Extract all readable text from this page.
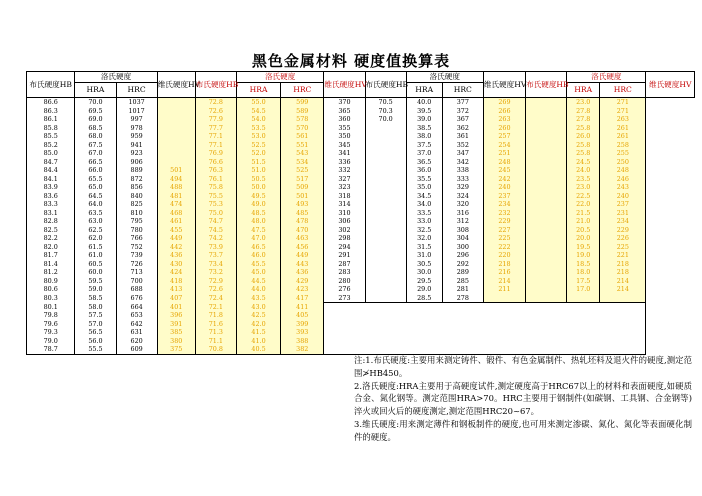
黑色金属材料 硬度值换算表
布氏硬度HB	洛氏硬度		维氏硬度HV	布氏硬度HB	洛氏硬度		维氏硬度HV	布氏硬度HB	洛氏硬度		维氏硬度HV	布氏硬度HB	洛氏硬度		维氏硬度HV
	HRA	HRC			HRA	HRC			HRA	HRC			HRA	HRC	
86.6	70.0	1037		72.8	55.0	599	370	70.5	40.0	377	269		23.0	271	
86.3	69.5	1017		72.6	54.5	589	365	70.3	39.5	372	266		27.8	271	
86.1	69.0	997		77.9	54.0	578	360	70.0	39.0	367	263		27.8	263	
85.8	68.5	978		77.7	53.5	570	355		38.5	362	260		25.8	261	
85.5	68.0	959		77.1	53.0	561	350		38.0	361	257		26.0	261	
85.2	67.5	941		77.1	52.5	551	345		37.5	352	254		25.8	258	
85.0	67.0	923		76.9	52.0	543	341		37.0	347	251		25.8	255	
84.7	66.5	906		76.6	51.5	534	336		36.5	342	248		24.5	250	
84.4	66.0	889	501	76.3	51.0	525	332		36.0	338	245		24.0	248	
84.1	65.5	872	494	76.1	50.5	517	327		35.5	333	242		23.5	246	
83.9	65.0	856	488	75.8	50.0	509	323		35.0	329	240		23.0	243	
83.6	64.5	840	481	75.5	49.5	501	318		34.5	324	237		22.5	240	
83.3	64.0	825	474	75.3	49.0	493	314		34.0	320	234		22.0	237	
83.1	63.5	810	468	75.0	48.5	485	310		33.5	316	232		21.5	231	
82.8	63.0	795	461	74.7	48.0	478	306		33.0	312	229		21.0	234	
82.5	62.5	780	455	74.5	47.5	470	302		32.5	308	227		20.5	229	
82.2	62.0	766	449	74.2	47.0	463	298		32.0	304	225		20.0	226	
82.0	61.5	752	442	73.9	46.5	456	294		31.5	300	222		19.5	225	
81.7	61.0	739	436	73.7	46.0	449	291		31.0	296	220		19.0	221	
81.4	60.5	726	430	73.4	45.5	443	287		30.5	292	218		18.5	218	
81.2	60.0	713	424	73.2	45.0	436	283		30.0	289	216		18.0	218	
80.9	59.5	700	418	72.9	44.5	429	280		29.5	285	214		17.5	214	
80.6	59.0	688	413	72.6	44.0	423	276		29.0	281	211		17.0	214	
80.3	58.5	676	407	72.4	43.5	417	273		28.5	278					
80.1	58.0	664	401	72.1	43.0	411									
79.8	57.5	653	396	71.8	42.5	405									
79.6	57.0	642	391	71.6	42.0	399									
79.3	56.5	631	385	71.3	41.5	393									
79.0	56.0	620	380	71.1	41.0	388									
78.7	55.5	609	375	70.8	40.5	382									

注:1.布氏硬度:主要用来测定铸件、锻件、有色金属制件、热轧坯料及退火件的硬度,测定范围≯HB450。

2.洛氏硬度:HRA主要用于高硬度试件,测定硬度高于HRC67以上的材料和表面硬度,如硬质合金、氮化钢等。测定范围HRA>70。HRC主要用于钢制件(如碳钢、工具钢、合金钢等)淬火或回火后的硬度测定,测定范围HRC20~67。

3.维氏硬度:用来测定薄件和钢板制件的硬度,也可用来测定渗碳、氮化、氮化等表面硬化制件的硬度。
